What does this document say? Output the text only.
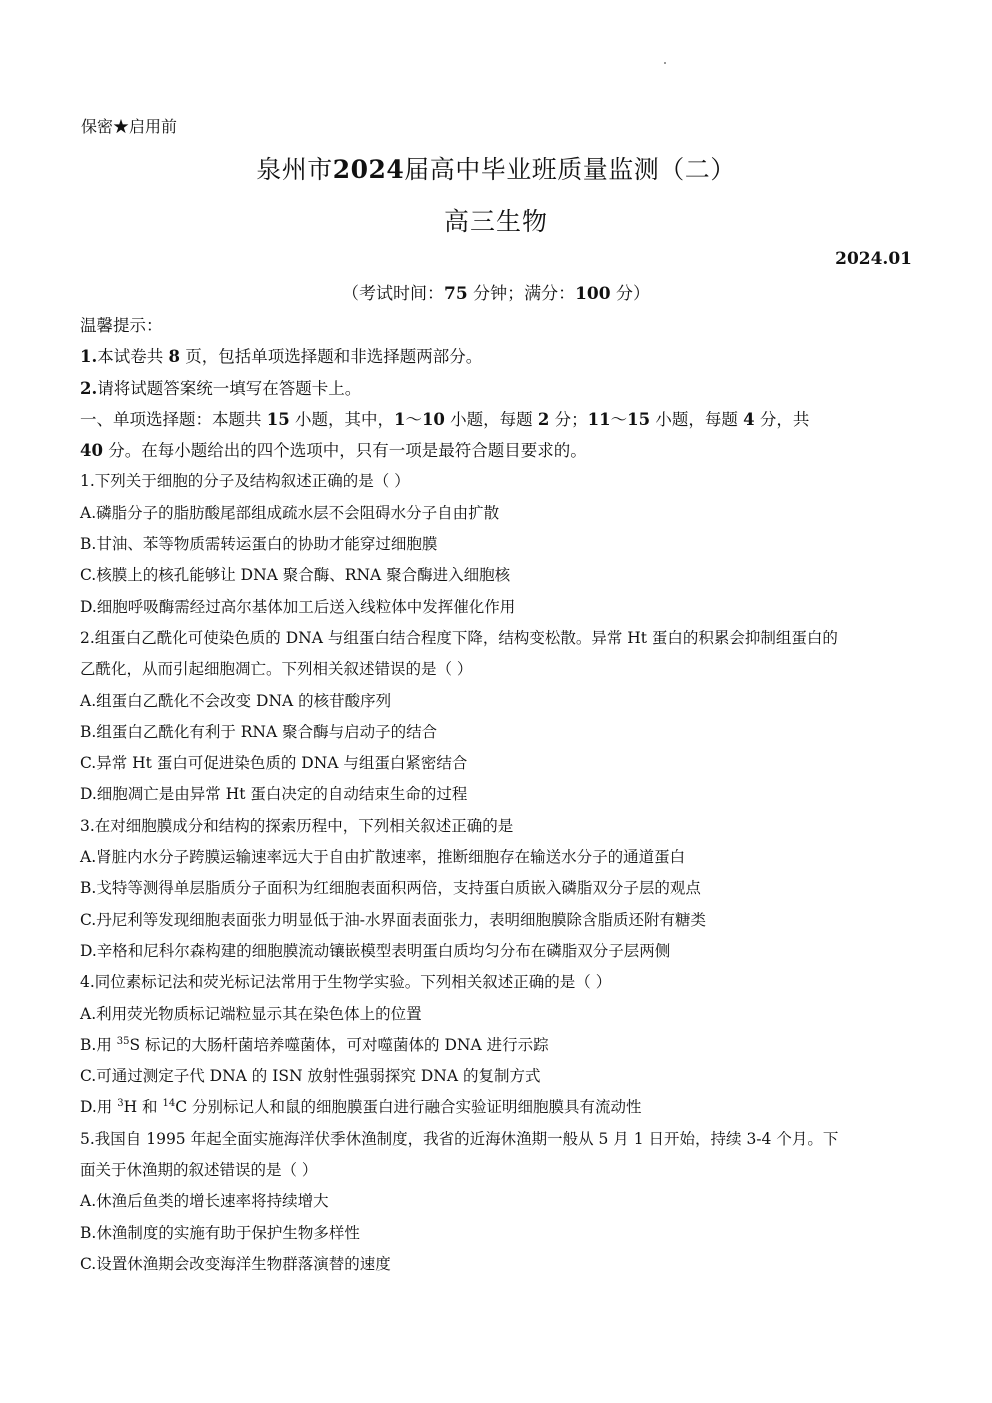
保密★启用前
泉州市2024届高中毕业班质量监测（二）
高三生物
2024.01
（考试时间：75 分钟；满分：100 分）
温馨提示：
1.本试卷共 8 页，包括单项选择题和非选择题两部分。
2.请将试题答案统一填写在答题卡上。
一、单项选择题：本题共 15 小题，其中，1～10 小题，每题 2 分；11～15 小题，每题 4 分，共
40 分。在每小题给出的四个选项中，只有一项是最符合题目要求的。
1.下列关于细胞的分子及结构叙述正确的是（ ）
A.磷脂分子的脂肪酸尾部组成疏水层不会阻碍水分子自由扩散
B.甘油、苯等物质需转运蛋白的协助才能穿过细胞膜
C.核膜上的核孔能够让 DNA 聚合酶、RNA 聚合酶进入细胞核
D.细胞呼吸酶需经过高尔基体加工后送入线粒体中发挥催化作用
2.组蛋白乙酰化可使染色质的 DNA 与组蛋白结合程度下降，结构变松散。异常 Ht 蛋白的积累会抑制组蛋白的
乙酰化，从而引起细胞凋亡。下列相关叙述错误的是（ ）
A.组蛋白乙酰化不会改变 DNA 的核苷酸序列
B.组蛋白乙酰化有利于 RNA 聚合酶与启动子的结合
C.异常 Ht 蛋白可促进染色质的 DNA 与组蛋白紧密结合
D.细胞凋亡是由异常 Ht 蛋白决定的自动结束生命的过程
3.在对细胞膜成分和结构的探索历程中，下列相关叙述正确的是
A.肾脏内水分子跨膜运输速率远大于自由扩散速率，推断细胞存在输送水分子的通道蛋白
B.戈特等测得单层脂质分子面积为红细胞表面积两倍，支持蛋白质嵌入磷脂双分子层的观点
C.丹尼利等发现细胞表面张力明显低于油-水界面表面张力，表明细胞膜除含脂质还附有糖类
D.辛格和尼科尔森构建的细胞膜流动镶嵌模型表明蛋白质均匀分布在磷脂双分子层两侧
4.同位素标记法和荧光标记法常用于生物学实验。下列相关叙述正确的是（ ）
A.利用荧光物质标记端粒显示其在染色体上的位置
B.用 $^{35}$S 标记的大肠杆菌培养噬菌体，可对噬菌体的 DNA 进行示踪
C.可通过测定子代 DNA 的 ISN 放射性强弱探究 DNA 的复制方式
D.用 $^3$H 和 $^{14}$C 分别标记人和鼠的细胞膜蛋白进行融合实验证明细胞膜具有流动性
5.我国自 1995 年起全面实施海洋伏季休渔制度，我省的近海休渔期一般从 5 月 1 日开始，持续 3-4 个月。下
面关于休渔期的叙述错误的是（ ）
A.休渔后鱼类的增长速率将持续增大
B.休渔制度的实施有助于保护生物多样性
C.设置休渔期会改变海洋生物群落演替的速度
